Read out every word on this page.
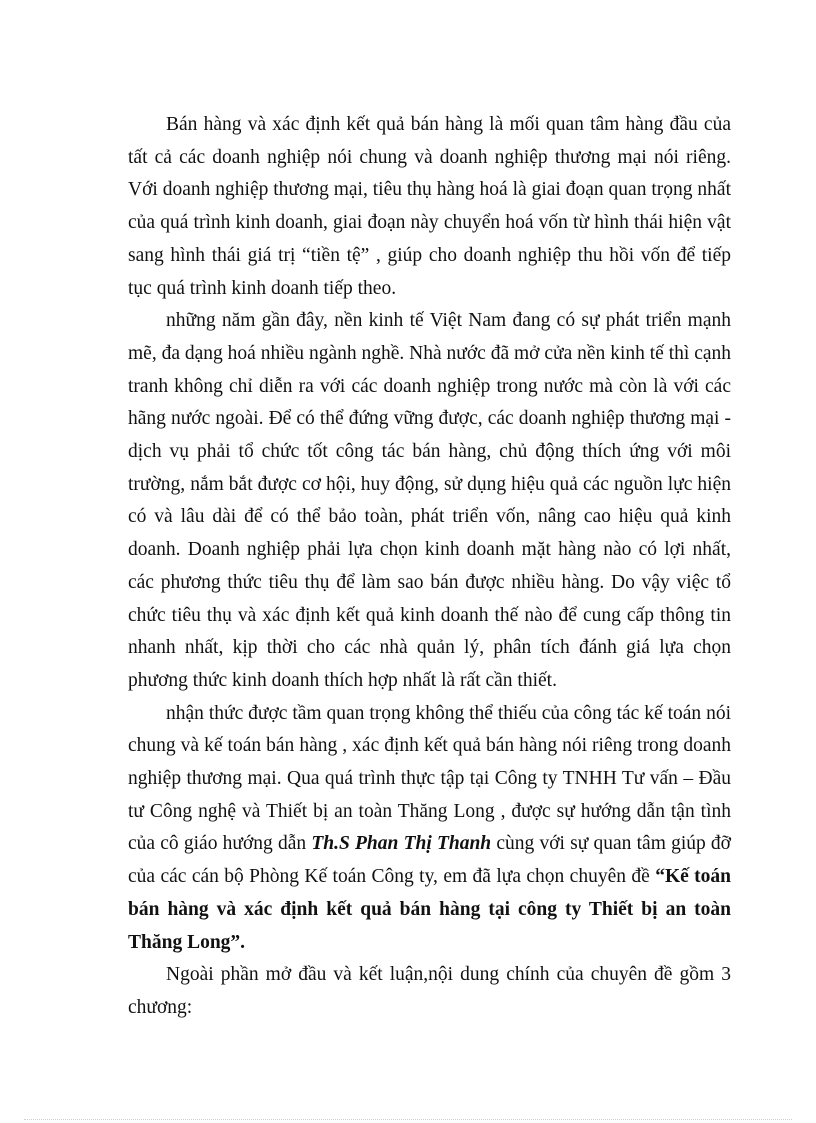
Bán hàng và xác định kết quả bán hàng là mối quan tâm hàng đầu của tất cả các doanh nghiệp nói chung và doanh nghiệp thương mại nói riêng. Với doanh nghiệp thương mại, tiêu thụ hàng hoá là giai đoạn quan trọng nhất của quá trình kinh doanh, giai đoạn này chuyển hoá vốn từ hình thái hiện vật sang hình thái giá trị “tiền tệ” , giúp cho doanh nghiệp thu hồi vốn để tiếp tục quá trình kinh doanh tiếp theo.

những năm gần đây, nền kinh tế Việt Nam đang có sự phát triển mạnh mẽ, đa dạng hoá nhiều ngành nghề. Nhà nước đã mở cửa nền kinh tế thì cạnh tranh không chỉ diễn ra với các doanh nghiệp trong nước mà còn là với các hãng nước ngoài. Để có thể đứng vững được, các doanh nghiệp thương mại - dịch vụ phải tổ chức tốt công tác bán hàng, chủ động thích ứng với môi trường, nắm bắt được cơ hội, huy động, sử dụng hiệu quả các nguồn lực hiện có và lâu dài để có thể bảo toàn, phát triển vốn, nâng cao hiệu quả kinh doanh. Doanh nghiệp phải lựa chọn kinh doanh mặt hàng nào có lợi nhất, các phương thức tiêu thụ để làm sao bán được nhiều hàng. Do vậy việc tổ chức tiêu thụ và xác định kết quả kinh doanh thế nào để cung cấp thông tin nhanh nhất, kịp thời cho các nhà quản lý, phân tích đánh giá lựa chọn phương thức kinh doanh thích hợp nhất là rất cần thiết.

nhận thức được tầm quan trọng không thể thiếu của công tác kế toán nói chung và kế toán bán hàng , xác định kết quả bán hàng nói riêng trong doanh nghiệp thương mại. Qua quá trình thực tập tại Công ty TNHH Tư vấn – Đầu tư Công nghệ và Thiết bị an toàn Thăng Long , được sự hướng dẫn tận tình của cô giáo hướng dẫn Th.S Phan Thị Thanh cùng với sự quan tâm giúp đỡ của các cán bộ Phòng Kế toán Công ty, em đã lựa chọn chuyên đề “Kế toán bán hàng và xác định kết quả bán hàng tại công ty Thiết bị an toàn Thăng Long”.

Ngoài phần mở đầu và kết luận,nội dung chính của chuyên đề gồm 3 chương:
